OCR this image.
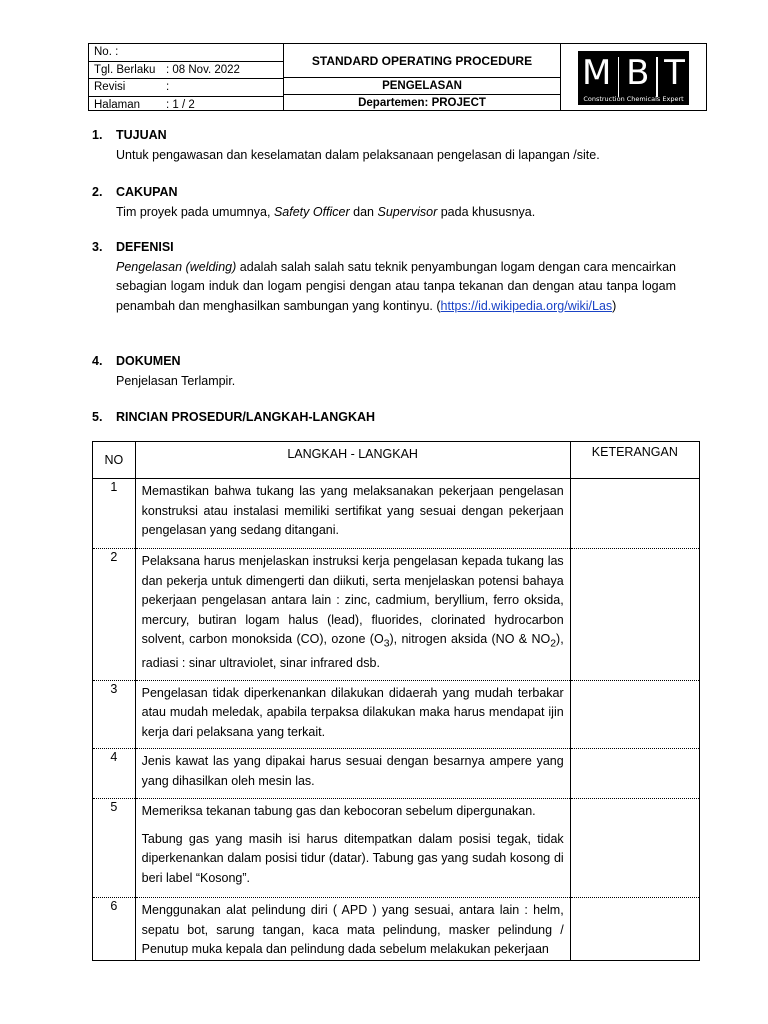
No. :
Tgl. Berlaku : 08 Nov. 2022
Revisi	:
Halaman	: 1 / 2
STANDARD OPERATING PROCEDURE
PENGELASAN
Departemen: PROJECT
M B T
Construction Chemicals Expert
1. TUJUAN
Untuk pengawasan dan keselamatan dalam pelaksanaan pengelasan di lapangan /site.
2. CAKUPAN
Tim proyek pada umumnya, Safety Officer dan Supervisor pada khususnya.
3. DEFENISI
Pengelasan (welding) adalah salah salah satu teknik penyambungan logam dengan cara mencairkan sebagian logam induk dan logam pengisi dengan atau tanpa tekanan dan dengan atau tanpa logam penambah dan menghasilkan sambungan yang kontinyu. (https://id.wikipedia.org/wiki/Las)
4. DOKUMEN
Penjelasan Terlampir.
5. RINCIAN PROSEDUR/LANGKAH-LANGKAH
NO	LANGKAH - LANGKAH	KETERANGAN
1	Memastikan bahwa tukang las yang melaksanakan pekerjaan pengelasan konstruksi atau instalasi memiliki sertifikat yang sesuai dengan pekerjaan pengelasan yang sedang ditangani.	
2	Pelaksana harus menjelaskan instruksi kerja pengelasan kepada tukang las dan pekerja untuk dimengerti dan diikuti, serta menjelaskan potensi bahaya pekerjaan pengelasan antara lain : zinc, cadmium, beryllium, ferro oksida, mercury, butiran logam halus (lead), fluorides, clorinated hydrocarbon solvent, carbon monoksida (CO), ozone $(O_3)$, nitrogen aksida (NO & $NO_2$), radiasi : sinar ultraviolet, sinar infrared dsb.	
3	Pengelasan tidak diperkenankan dilakukan didaerah yang mudah terbakar atau mudah meledak, apabila terpaksa dilakukan maka harus mendapat ijin kerja dari pelaksana yang terkait.	
4	Jenis kawat las yang dipakai harus sesuai dengan besarnya ampere yang yang dihasilkan oleh mesin las.	
5	Memeriksa tekanan tabung gas dan kebocoran sebelum dipergunakan.
Tabung gas yang masih isi harus ditempatkan dalam posisi tegak, tidak diperkenankan dalam posisi tidur (datar). Tabung gas yang sudah kosong di beri label “Kosong”.	

6	Menggunakan alat pelindung diri ( APD ) yang sesuai, antara lain : helm, sepatu bot, sarung tangan, kaca mata pelindung, masker pelindung / Penutup muka kepala dan pelindung dada sebelum melakukan pekerjaan	
